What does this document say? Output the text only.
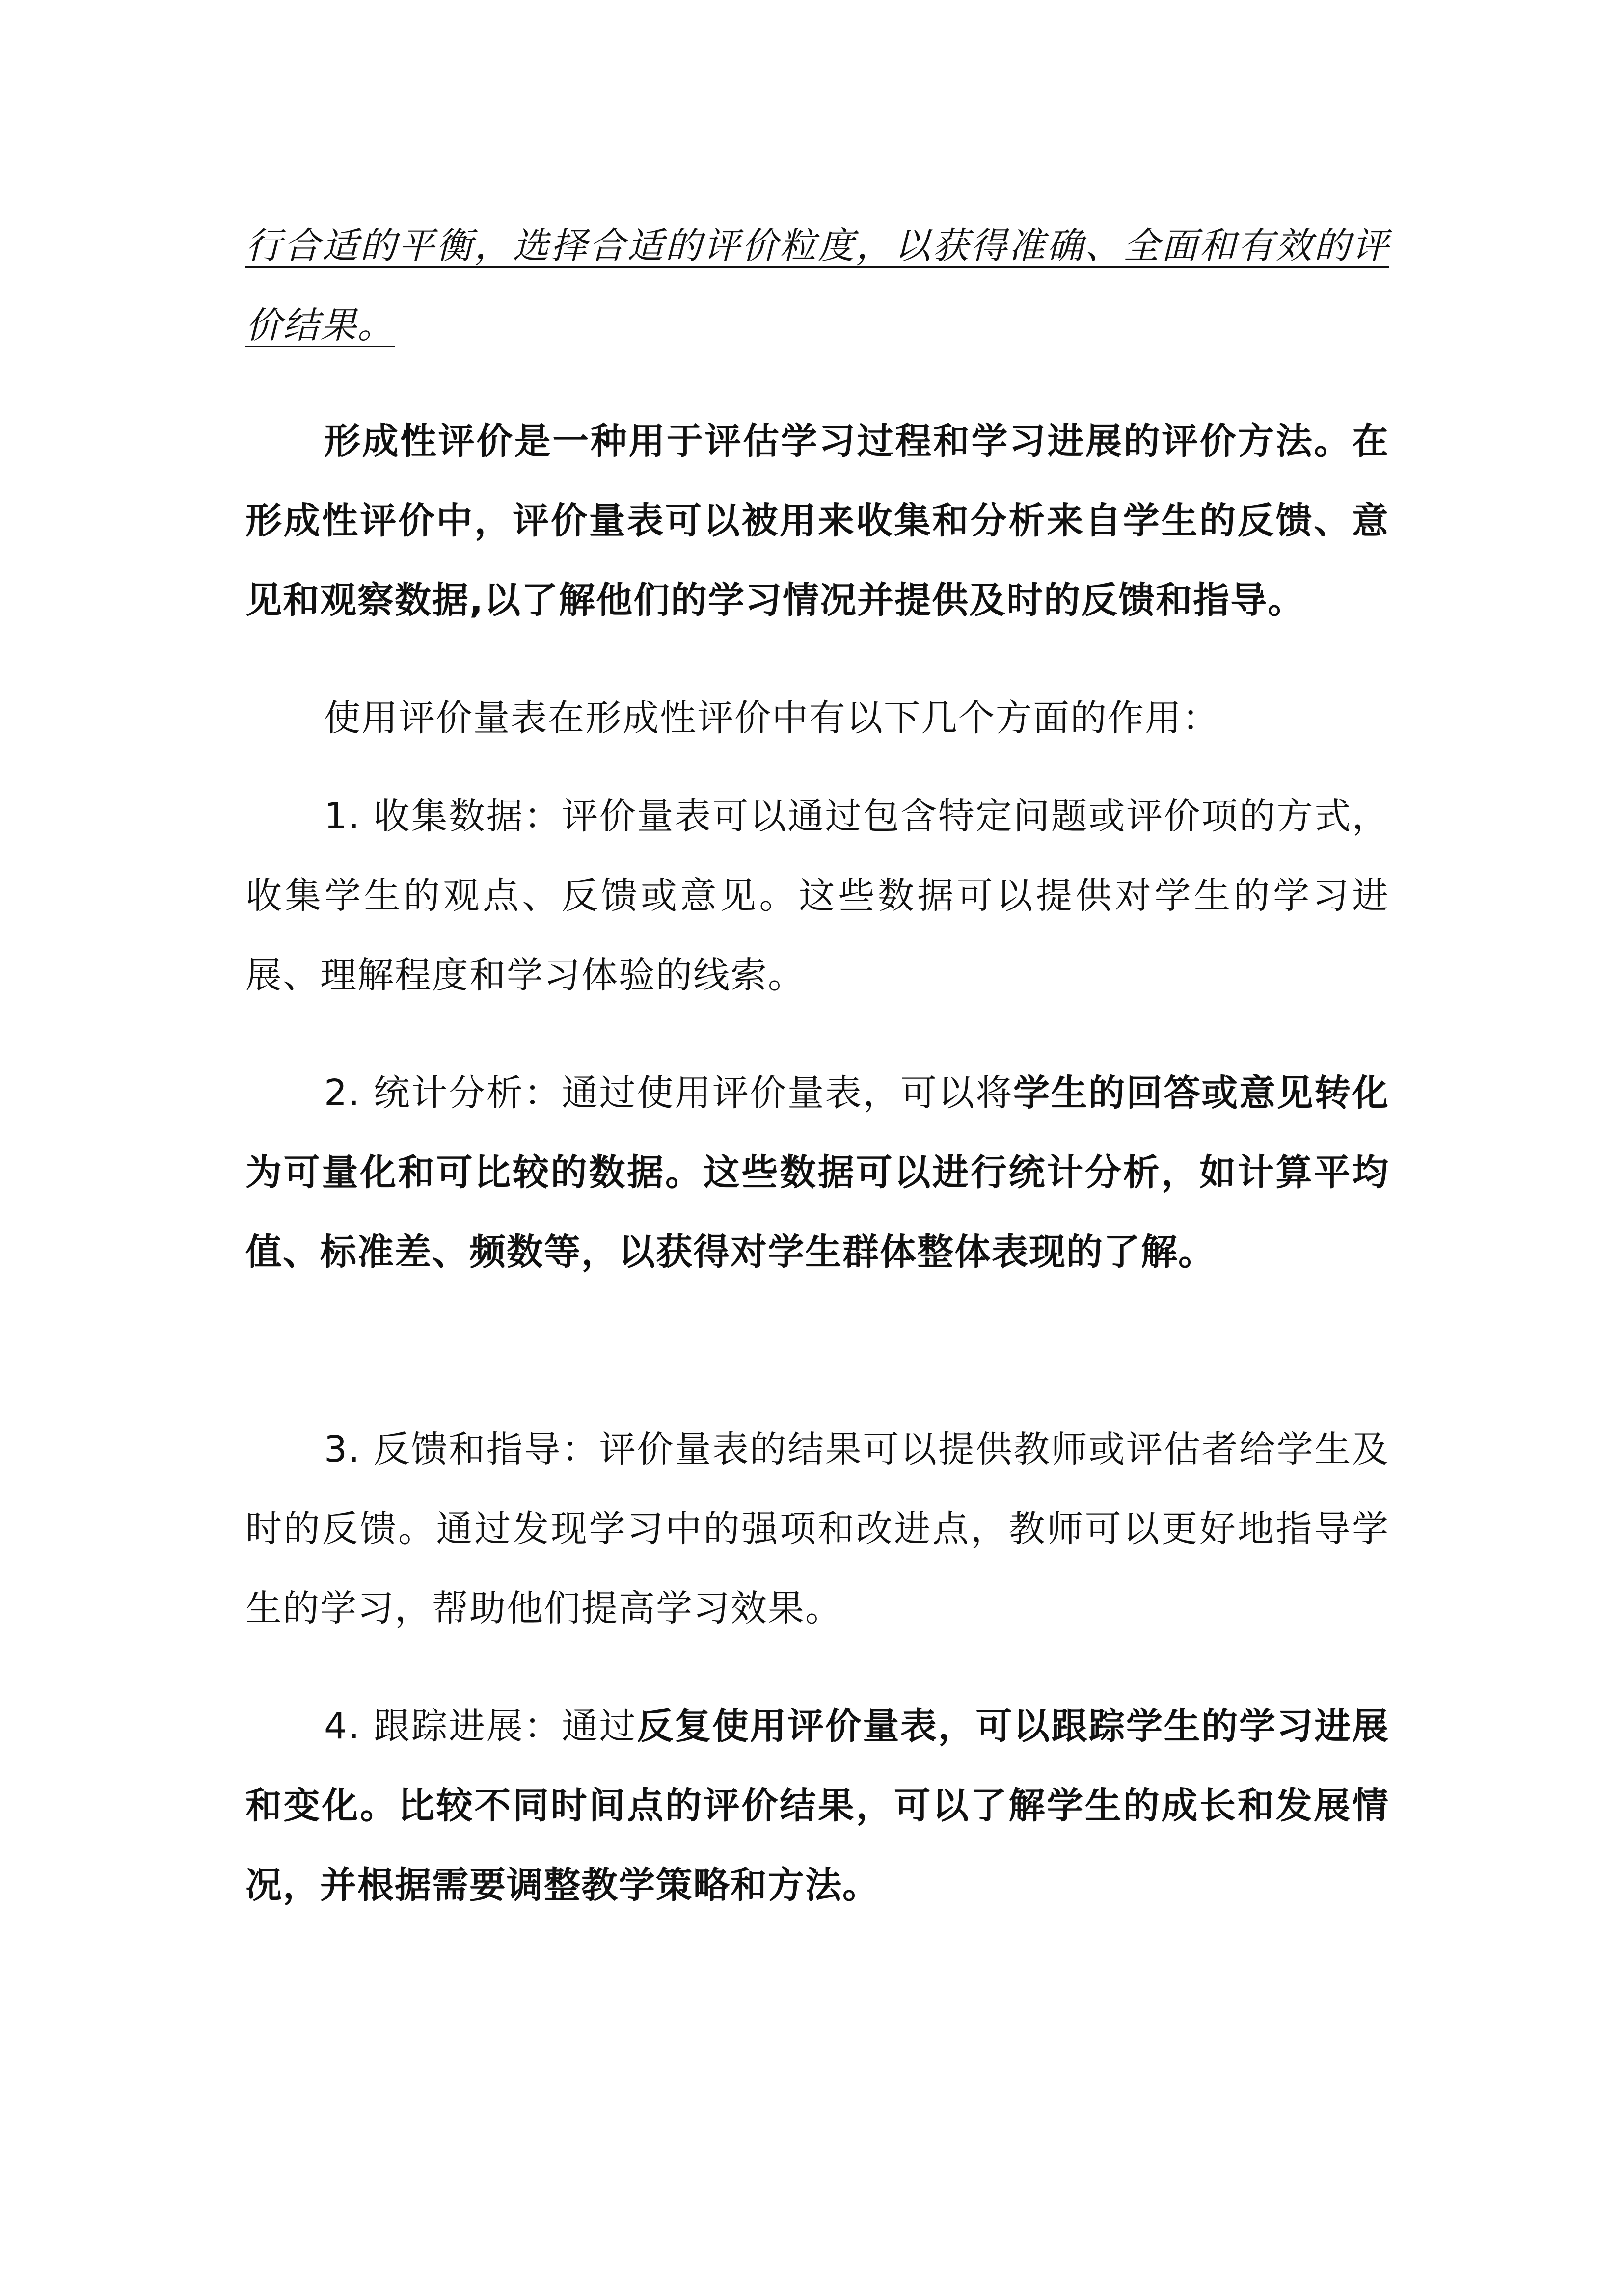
行合适的平衡，选择合适的评价粒度，以获得准确、全面和有效的评价结果。

形成性评价是一种用于评估学习过程和学习进展的评价方法。在形成性评价中，评价量表可以被用来收集和分析来自学生的反馈、意见和观察数据,以了解他们的学习情况并提供及时的反馈和指导。

使用评价量表在形成性评价中有以下几个方面的作用：

1. 收集数据：评价量表可以通过包含特定问题或评价项的方式，收集学生的观点、反馈或意见。这些数据可以提供对学生的学习进展、理解程度和学习体验的线索。

2. 统计分析：通过使用评价量表，可以将学生的回答或意见转化为可量化和可比较的数据。这些数据可以进行统计分析，如计算平均值、标准差、频数等，以获得对学生群体整体表现的了解。

3. 反馈和指导：评价量表的结果可以提供教师或评估者给学生及时的反馈。通过发现学习中的强项和改进点，教师可以更好地指导学生的学习，帮助他们提高学习效果。

4. 跟踪进展：通过反复使用评价量表，可以跟踪学生的学习进展和变化。比较不同时间点的评价结果，可以了解学生的成长和发展情况，并根据需要调整教学策略和方法。
